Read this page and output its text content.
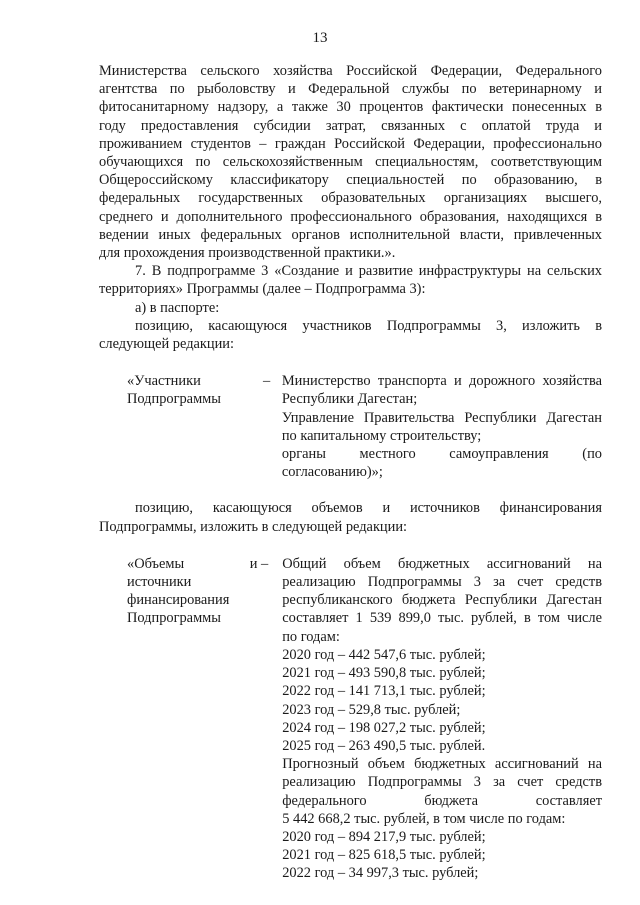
13
Министерства сельского хозяйства Российской Федерации, Федерального
агентства по рыболовству и Федеральной службы по ветеринарному и
фитосанитарному надзору, а также 30 процентов фактически понесенных в
году предоставления субсидии затрат, связанных с оплатой труда и
проживанием студентов – граждан Российской Федерации, профессионально
обучающихся по сельскохозяйственным специальностям, соответствующим
Общероссийскому классификатору специальностей по образованию, в
федеральных государственных образовательных организациях высшего,
среднего и дополнительного профессионального образования, находящихся в
ведении иных федеральных органов исполнительной власти, привлеченных
для прохождения производственной практики.».
7. В подпрограмме 3 «Создание и развитие инфраструктуры на сельских
территориях» Программы (далее – Подпрограмма 3):
а) в паспорте:
позицию, касающуюся участников Подпрограммы 3, изложить в
следующей редакции:
«Участники
Подпрограммы
– Министерство транспорта и дорожного хозяйства
Республики Дагестан;
Управление Правительства Республики Дагестан
по капитальному строительству;
органы местного самоуправления (по
согласованию)»;
позицию, касающуюся объемов и источников финансирования
Подпрограммы, изложить в следующей редакции:
«Объемы	и –
источники
финансирования
Подпрограммы
Общий объем бюджетных ассигнований на
реализацию Подпрограммы 3 за счет средств
республиканского бюджета Республики Дагестан
составляет 1 539 899,0 тыс. рублей, в том числе
по годам:
2020 год – 442 547,6 тыс. рублей;
2021 год – 493 590,8 тыс. рублей;
2022 год – 141 713,1 тыс. рублей;
2023 год – 529,8 тыс. рублей;
2024 год – 198 027,2 тыс. рублей;
2025 год – 263 490,5 тыс. рублей.
Прогнозный объем бюджетных ассигнований на
реализацию Подпрограммы 3 за счет средств
федерального бюджета составляет
5 442 668,2 тыс. рублей, в том числе по годам:
2020 год – 894 217,9 тыс. рублей;
2021 год – 825 618,5 тыс. рублей;
2022 год – 34 997,3 тыс. рублей;
